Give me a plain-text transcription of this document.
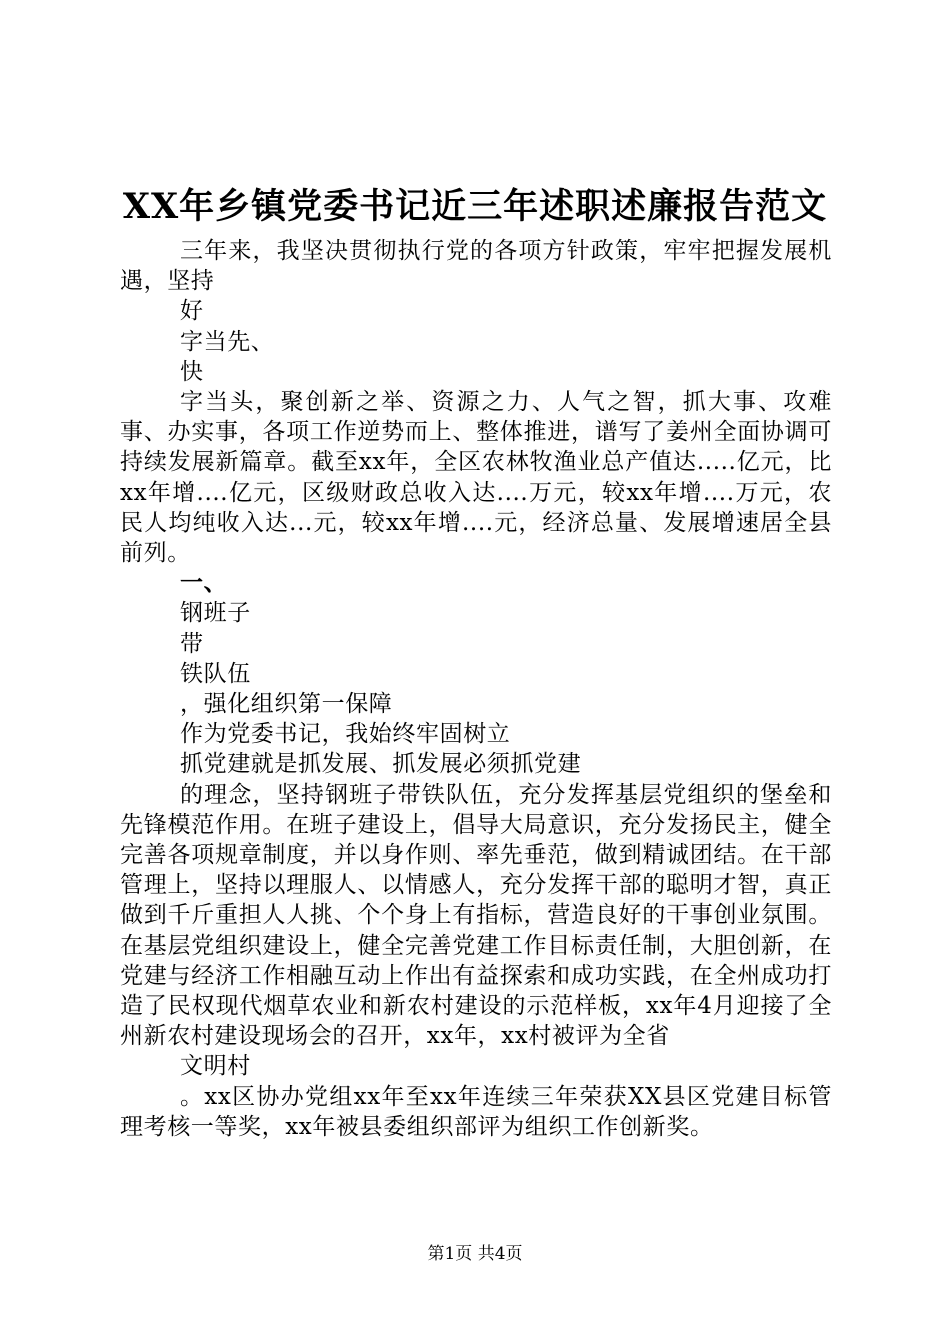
XX年乡镇党委书记近三年述职述廉报告范文

三年来，我坚决贯彻执行党的各项方针政策，牢牢把握发展机遇，坚持

好

字当先、

快

字当头，聚创新之举、资源之力、人气之智，抓大事、攻难事、办实事，各项工作逆势而上、整体推进，谱写了姜州全面协调可持续发展新篇章。截至xx年，全区农林牧渔业总产值达.....亿元，比xx年增....亿元，区级财政总收入达....万元，较xx年增....万元，农民人均纯收入达...元，较xx年增....元，经济总量、发展增速居全县前列。

一、

钢班子

带

铁队伍

，强化组织第一保障

作为党委书记，我始终牢固树立

抓党建就是抓发展、抓发展必须抓党建

的理念，坚持钢班子带铁队伍，充分发挥基层党组织的堡垒和先锋模范作用。在班子建设上，倡导大局意识，充分发扬民主，健全完善各项规章制度，并以身作则、率先垂范，做到精诚团结。在干部管理上，坚持以理服人、以情感人，充分发挥干部的聪明才智，真正做到千斤重担人人挑、个个身上有指标，营造良好的干事创业氛围。在基层党组织建设上，健全完善党建工作目标责任制，大胆创新，在党建与经济工作相融互动上作出有益探索和成功实践，在全州成功打造了民权现代烟草农业和新农村建设的示范样板，xx年4月迎接了全州新农村建设现场会的召开，xx年，xx村被评为全省

文明村

。xx区协办党组xx年至xx年连续三年荣获XX县区党建目标管理考核一等奖，xx年被县委组织部评为组织工作创新奖。

第1页 共4页
